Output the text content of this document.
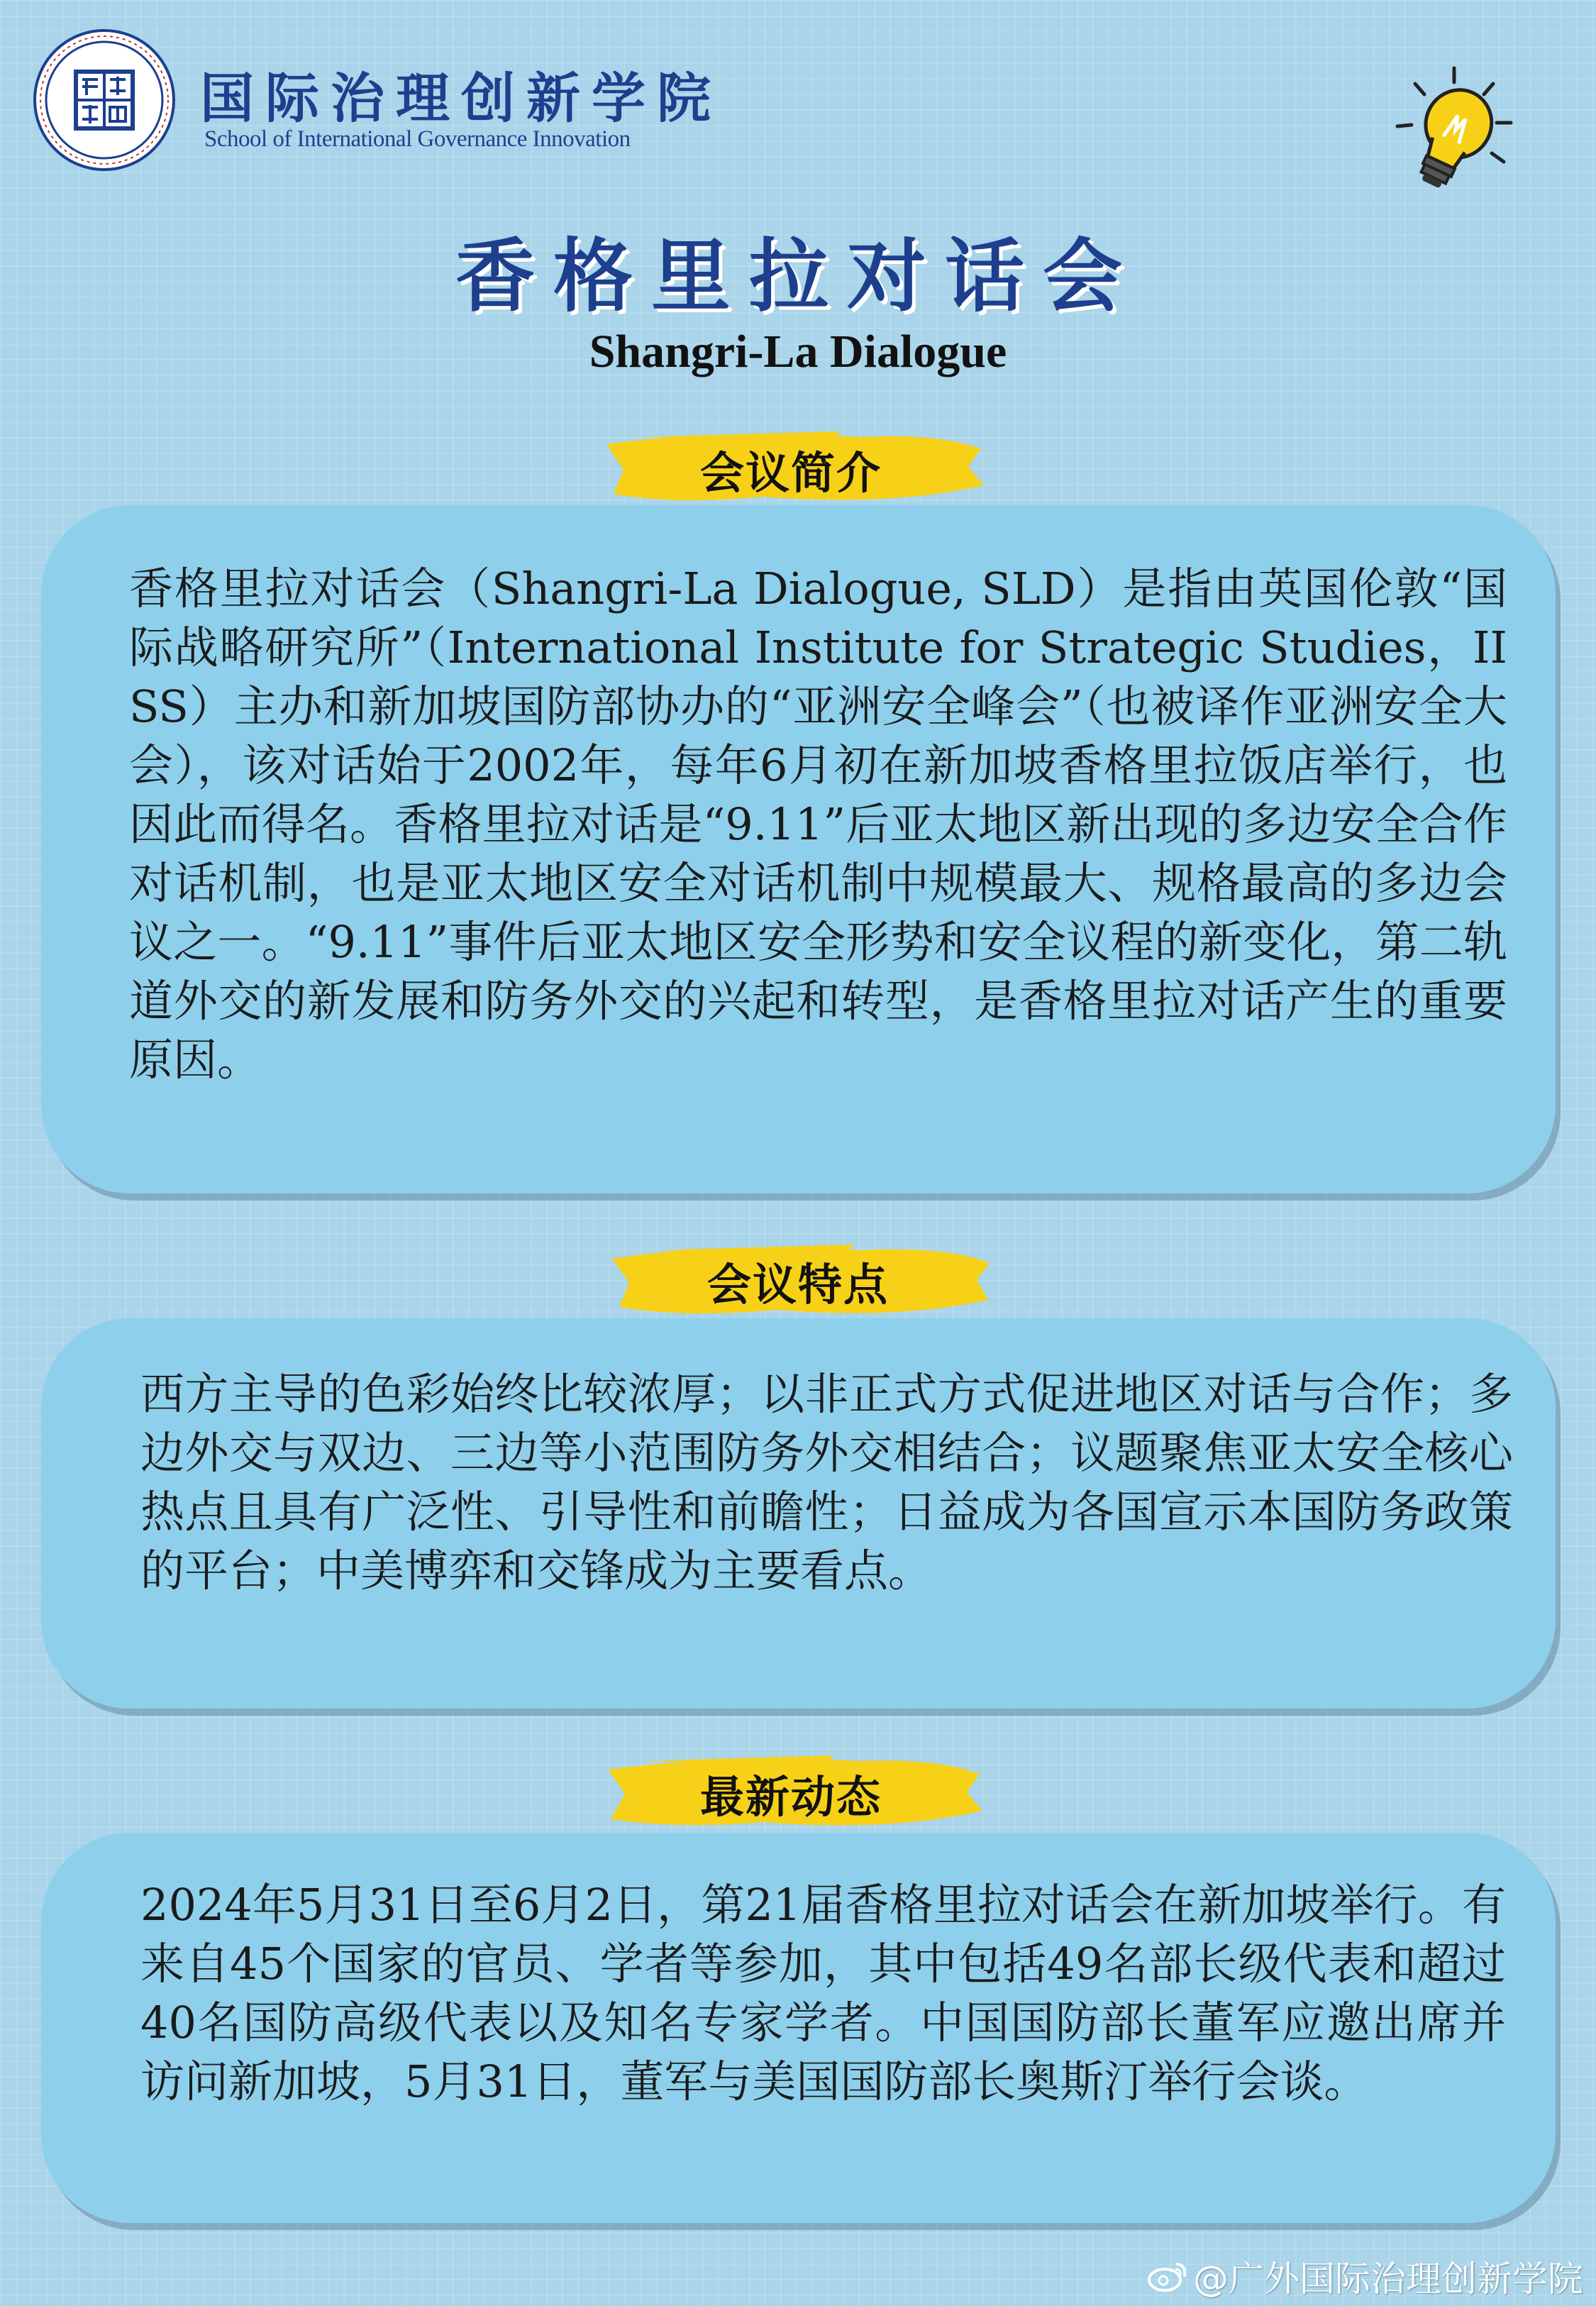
国际治理创新学院
School of International Governance Innovation
香格里拉对话会
Shangri-La Dialogue
会议简介
香格里拉对话会（Shangri-La Dialogue, SLD）是指由英国伦敦“国际战略研究所”（International Institute for Strategic Studies，IISS）主办和新加坡国防部协办的“亚洲安全峰会”（也被译作亚洲安全大会），该对话始于2002年，每年6月初在新加坡香格里拉饭店举行，也因此而得名。香格里拉对话是“9.11”后亚太地区新出现的多边安全合作对话机制，也是亚太地区安全对话机制中规模最大、规格最高的多边会议之一。“9.11”事件后亚太地区安全形势和安全议程的新变化，第二轨道外交的新发展和防务外交的兴起和转型，是香格里拉对话产生的重要原因。
会议特点
西方主导的色彩始终比较浓厚；以非正式方式促进地区对话与合作；多边外交与双边、三边等小范围防务外交相结合；议题聚焦亚太安全核心热点且具有广泛性、引导性和前瞻性；日益成为各国宣示本国防务政策的平台；中美博弈和交锋成为主要看点。
最新动态
2024年5月31日至6月2日，第21届香格里拉对话会在新加坡举行。有来自45个国家的官员、学者等参加，其中包括49名部长级代表和超过40名国防高级代表以及知名专家学者。中国国防部长董军应邀出席并访问新加坡，5月31日，董军与美国国防部长奥斯汀举行会谈。
@广外国际治理创新学院
